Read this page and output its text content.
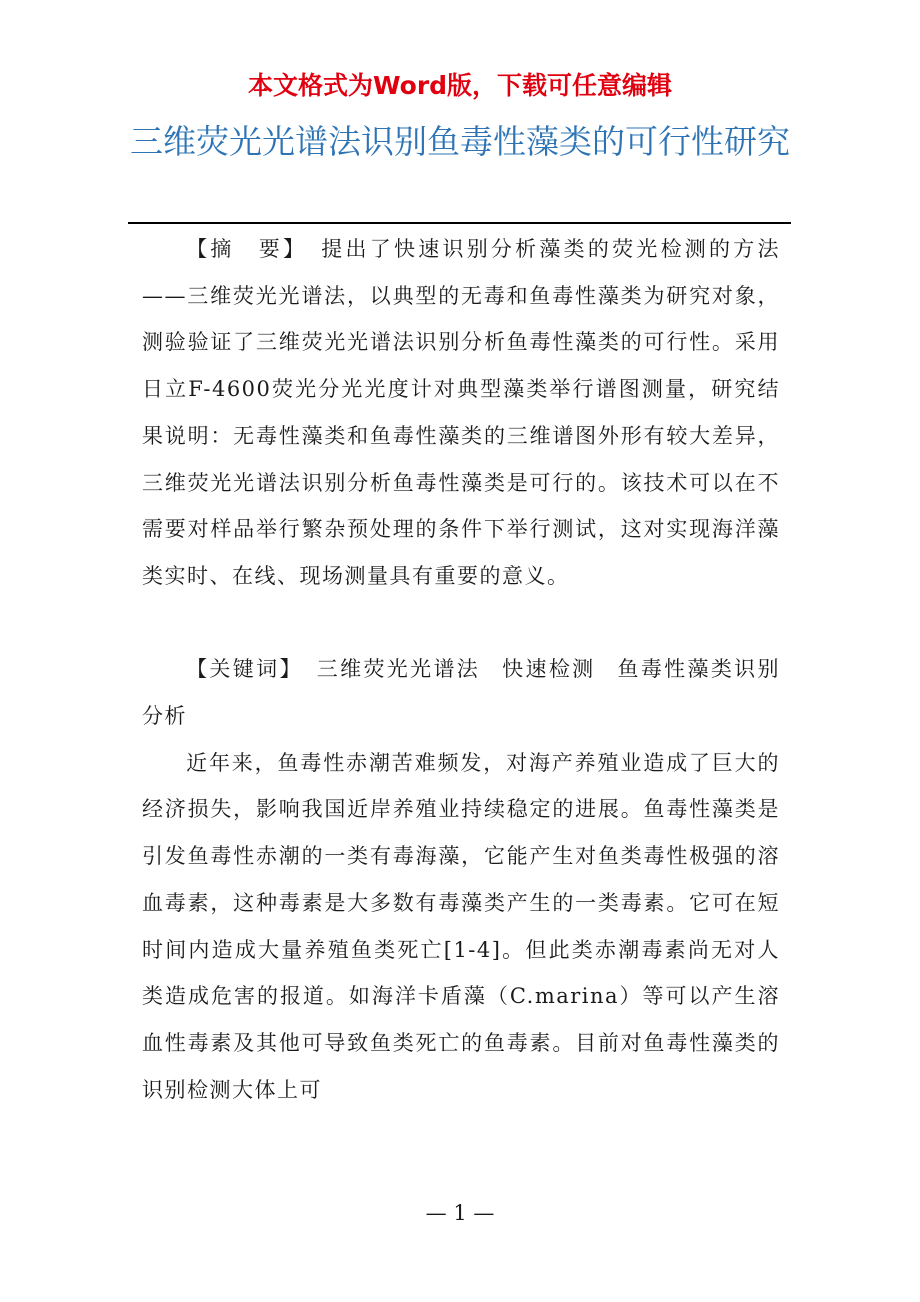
本文格式为Word版，下载可任意编辑

三维荧光光谱法识别鱼毒性藻类的可行性研究

【摘　要】 提出了快速识别分析藻类的荧光检测的方法——三维荧光光谱法，以典型的无毒和鱼毒性藻类为研究对象，测验验证了三维荧光光谱法识别分析鱼毒性藻类的可行性。采用日立F-4600荧光分光光度计对典型藻类举行谱图测量，研究结果说明：无毒性藻类和鱼毒性藻类的三维谱图外形有较大差异，三维荧光光谱法识别分析鱼毒性藻类是可行的。该技术可以在不需要对样品举行繁杂预处理的条件下举行测试，这对实现海洋藻类实时、在线、现场测量具有重要的意义。

【关键词】 三维荧光光谱法 快速检测 鱼毒性藻类识别分析

近年来，鱼毒性赤潮苦难频发，对海产养殖业造成了巨大的经济损失，影响我国近岸养殖业持续稳定的进展。鱼毒性藻类是引发鱼毒性赤潮的一类有毒海藻，它能产生对鱼类毒性极强的溶血毒素，这种毒素是大多数有毒藻类产生的一类毒素。它可在短时间内造成大量养殖鱼类死亡[1-4]。但此类赤潮毒素尚无对人类造成危害的报道。如海洋卡盾藻（C.marina）等可以产生溶血性毒素及其他可导致鱼类死亡的鱼毒素。目前对鱼毒性藻类的识别检测大体上可

— 1 —
